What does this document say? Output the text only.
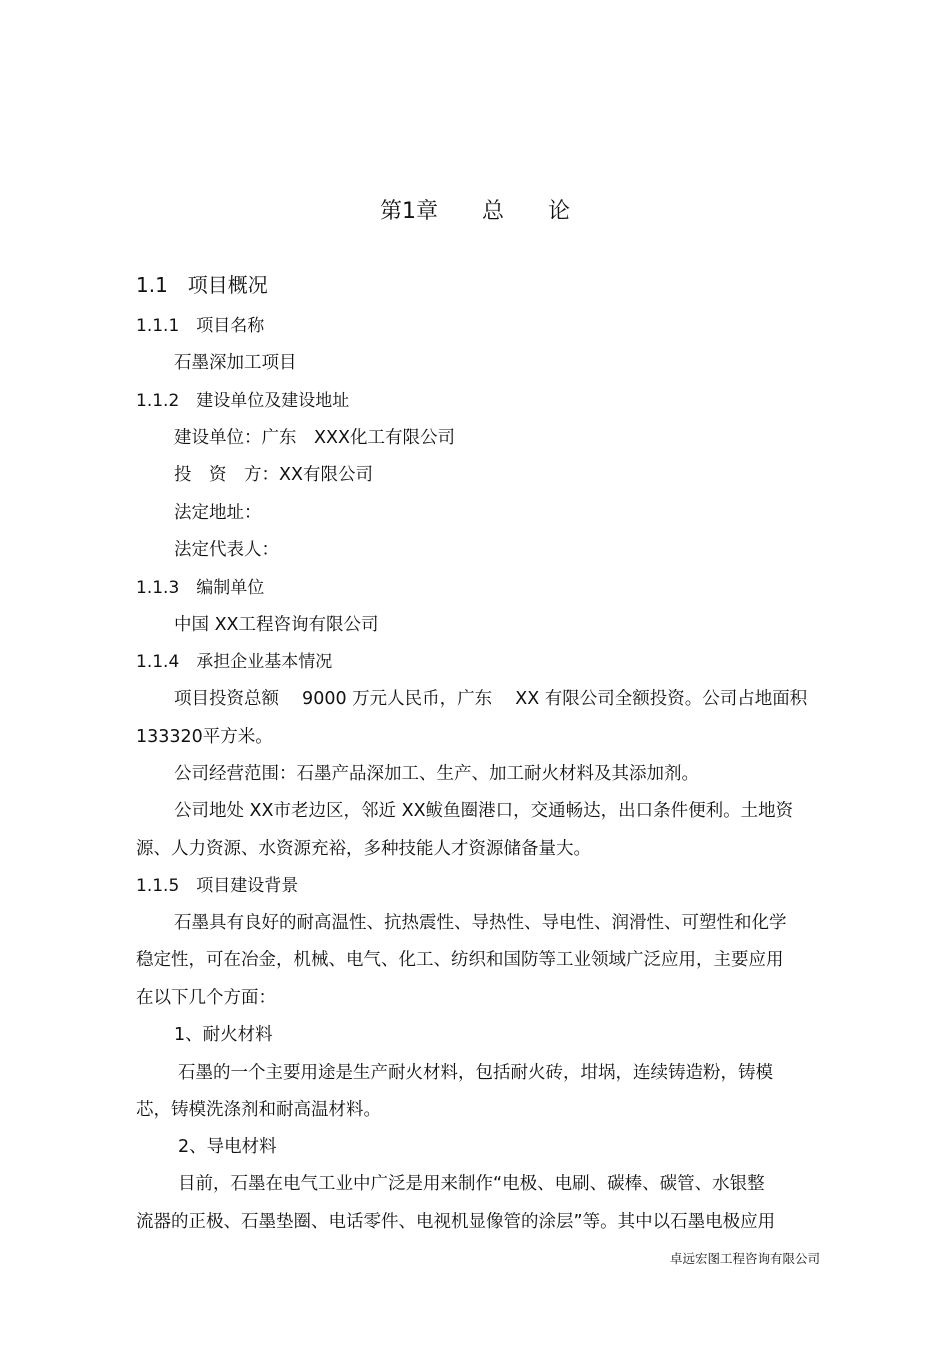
第1章　　总　　论
1.1　项目概况
1.1.1　项目名称
石墨深加工项目
1.1.2　建设单位及建设地址
建设单位：广东　XXX化工有限公司
投　资　方：XX有限公司
法定地址：
法定代表人：
1.1.3　编制单位
中国 XX工程咨询有限公司
1.1.4　承担企业基本情况
项目投资总额　 9000 万元人民币，广东　 XX 有限公司全额投资。公司占地面积
133320平方米。
公司经营范围：石墨产品深加工、生产、加工耐火材料及其添加剂。
公司地处 XX市老边区，邻近 XX鲅鱼圈港口，交通畅达，出口条件便利。土地资
源、人力资源、水资源充裕，多种技能人才资源储备量大。
1.1.5　项目建设背景
石墨具有良好的耐高温性、抗热震性、导热性、导电性、润滑性、可塑性和化学
稳定性，可在冶金，机械、电气、化工、纺织和国防等工业领域广泛应用，主要应用
在以下几个方面：
1、耐火材料
石墨的一个主要用途是生产耐火材料，包括耐火砖，坩埚，连续铸造粉，铸模
芯，铸模洗涤剂和耐高温材料。
2、导电材料
目前，石墨在电气工业中广泛是用来制作“电极、电刷、碳棒、碳管、水银整
流器的正极、石墨垫圈、电话零件、电视机显像管的涂层”等。其中以石墨电极应用
卓远宏图工程咨询有限公司
